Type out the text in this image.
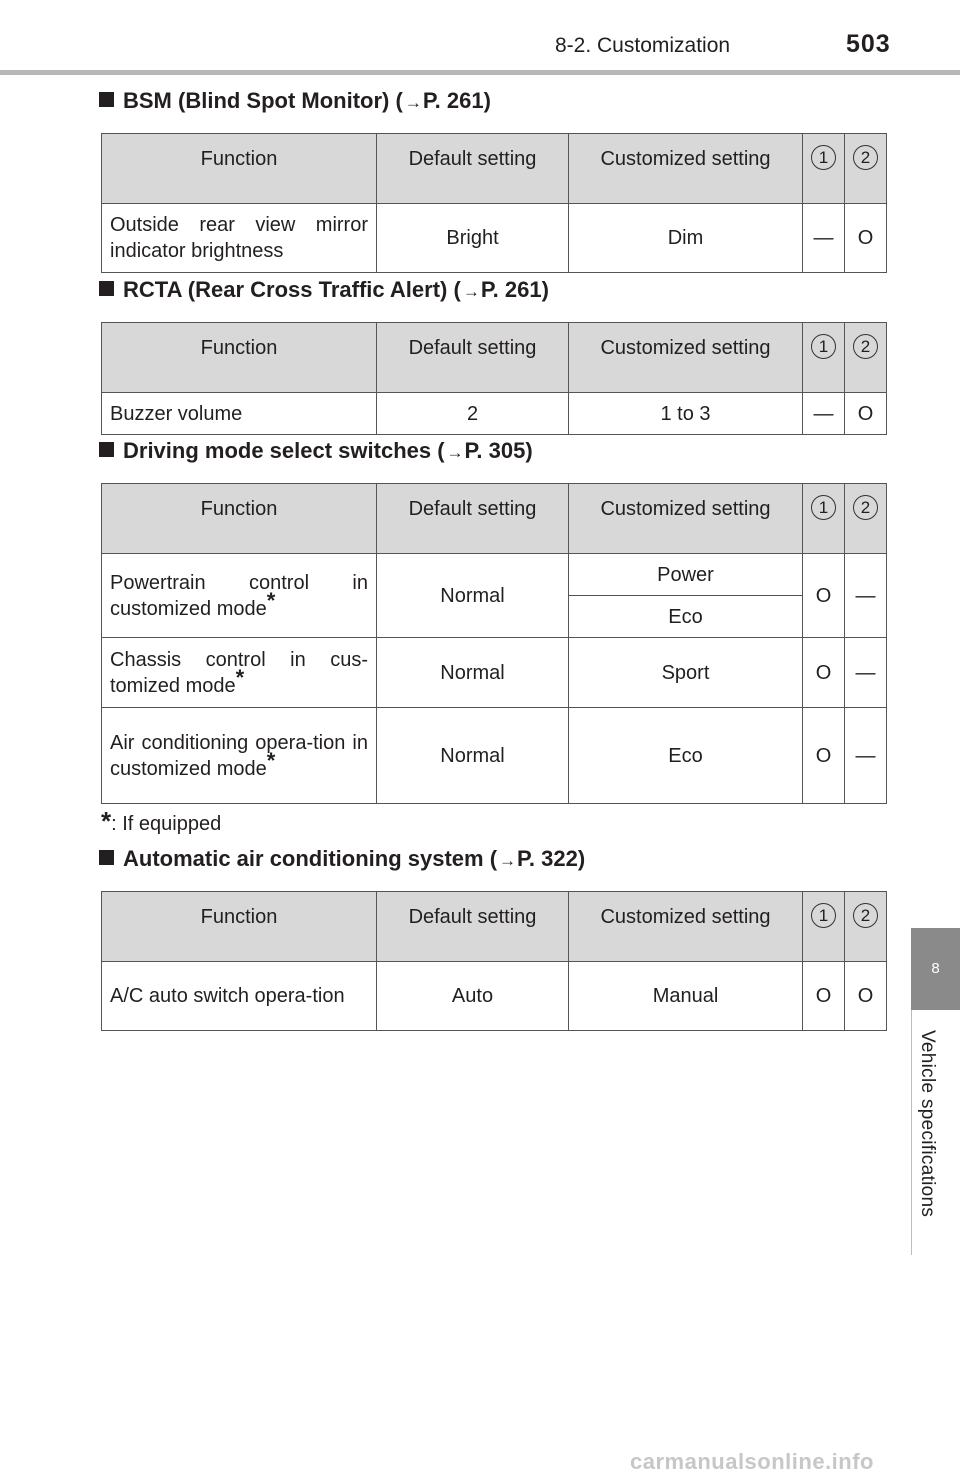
8-2. Customization	503
BSM (Blind Spot Monitor) ( →P. 261)
Function	Default setting	Customized setting	1	2
Outside rear view mirror indicator brightness	Bright	Dim	—	O
RCTA (Rear Cross Traffic Alert) ( →P. 261)
Function	Default setting	Customized setting	1	2
Buzzer volume	2	1 to 3	—	O
Driving mode select switches ( →P. 305)
Function	Default setting	Customized setting	1	2
Powertrain control in customized mode*	Normal	Power	O	—
		Eco		
Chassis control in cus-tomized mode*	Normal	Sport	O	—
Air conditioning opera-tion in customized mode*	Normal	Eco	O	—
*: If equipped
Automatic air conditioning system ( →P. 322)
Function	Default setting	Customized setting	1	2
A/C auto switch opera-tion	Auto	Manual	O	O
8
Vehicle specifications
carmanualsonline.info
